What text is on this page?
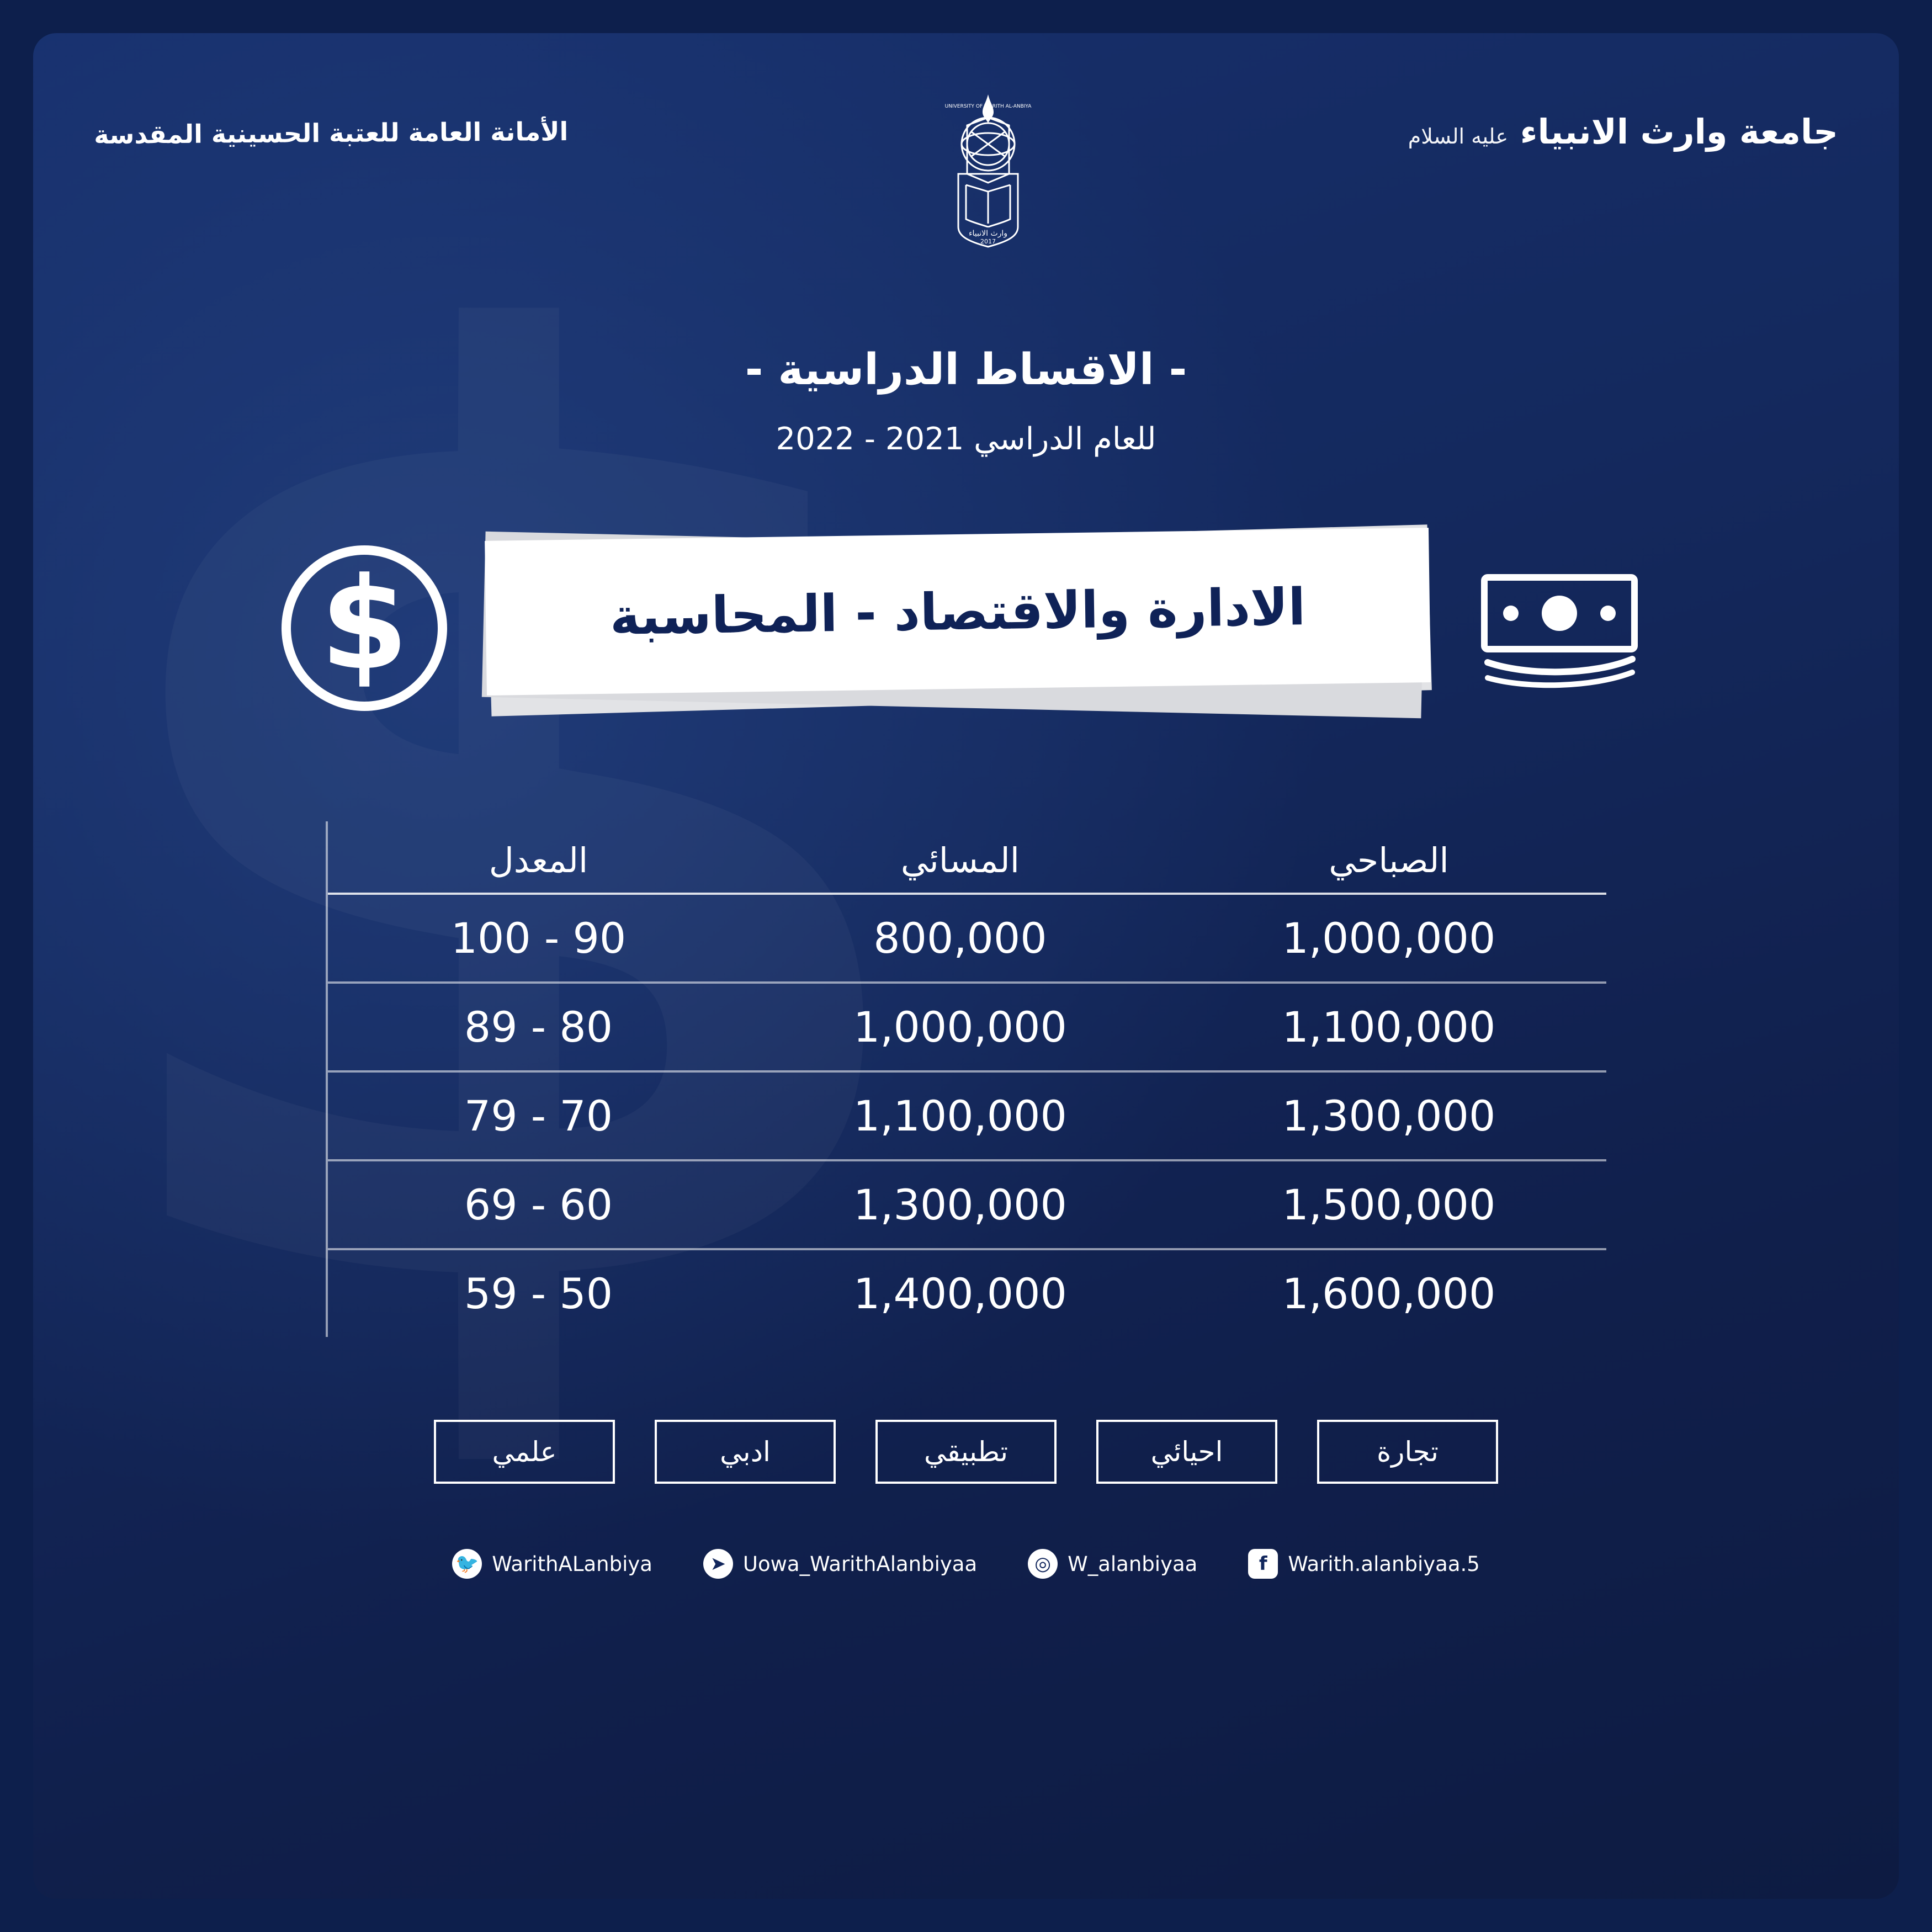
جامعة وارث الانبياء عليه السلام
UNIVERSITY OF WARITH AL-ANBIYA
وارث الانبياء
2017
الأمانة العامة للعتبة الحسينية المقدسة
- الاقساط الدراسية -
للعام الدراسي 2021 - 2022
الادارة والاقتصاد - المحاسبة
$
الصباحي	المسائي	المعدل
1,000,000	800,000	90 - 100
1,100,000	1,000,000	80 - 89
1,300,000	1,100,000	70 - 79
1,500,000	1,300,000	60 - 69
1,600,000	1,400,000	50 - 59
تجارة
احيائي
تطبيقي
ادبي
علمي
f	Warith.alanbiyaa.5
◎ W_alanbiyaa
➤ Uowa_WarithAlanbiyaa
🐦 WarithALanbiya
